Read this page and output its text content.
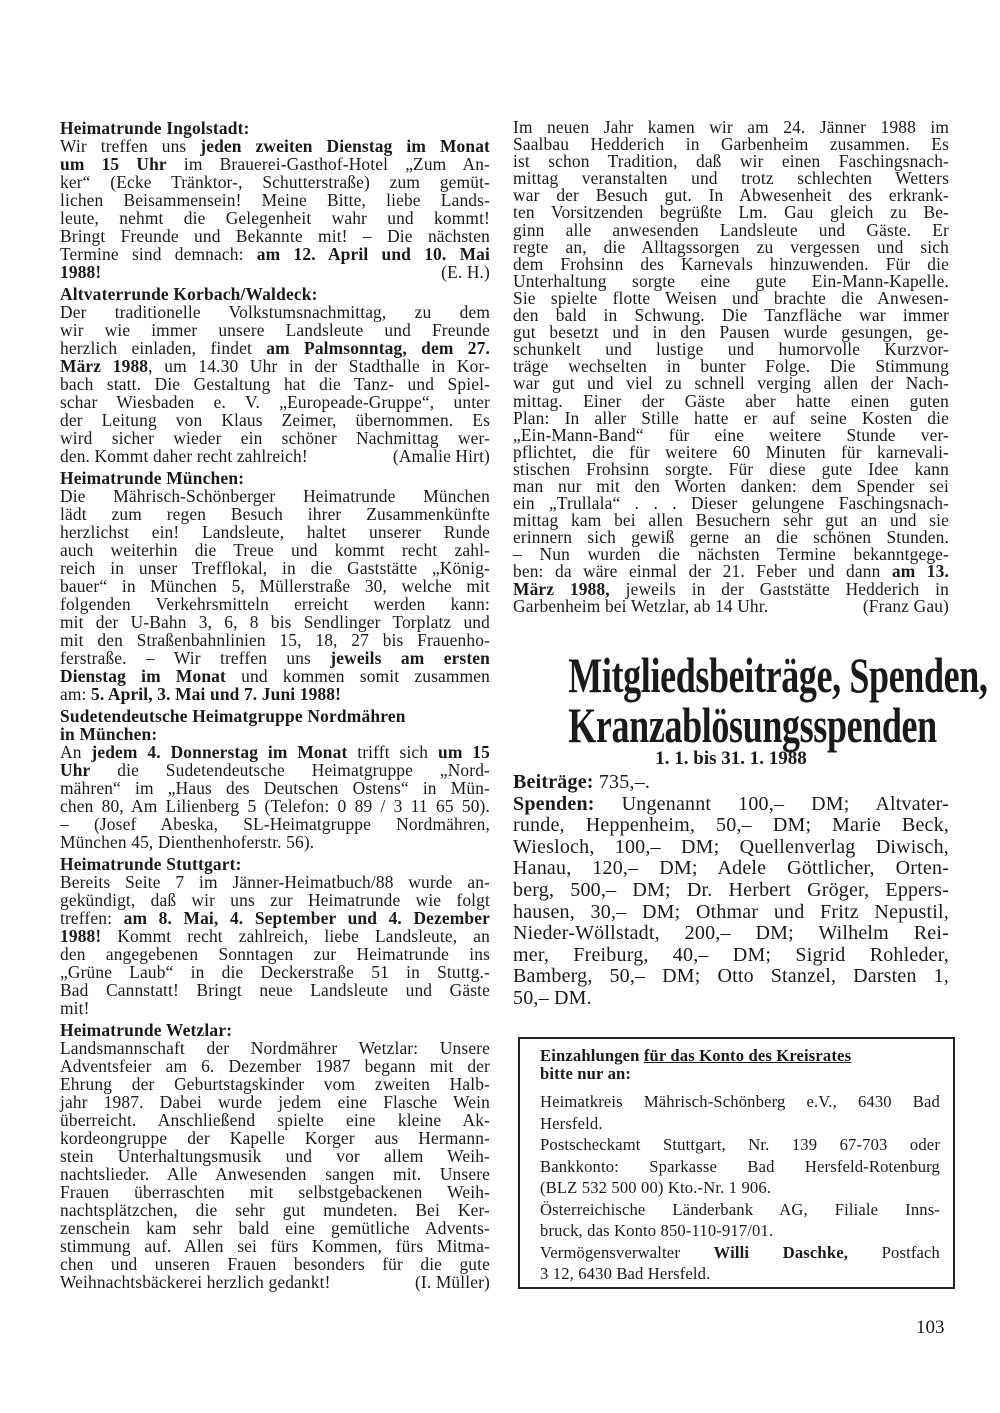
Heimatrunde Ingolstadt:
Wir treffen uns jeden zweiten Dienstag im Monat
um 15 Uhr im Brauerei-Gasthof-Hotel „Zum An-
ker“ (Ecke Tränktor-, Schutterstraße) zum gemüt-
lichen Beisammensein! Meine Bitte, liebe Lands-
leute, nehmt die Gelegenheit wahr und kommt!
Bringt Freunde und Bekannte mit! – Die nächsten
Termine sind demnach: am 12. April und 10. Mai
1988!	(E. H.)
Altvaterrunde Korbach/Waldeck:
Der traditionelle Volkstumsnachmittag, zu dem
wir wie immer unsere Landsleute und Freunde
herzlich einladen, findet am Palmsonntag, dem 27.
März 1988, um 14.30 Uhr in der Stadthalle in Kor-
bach statt. Die Gestaltung hat die Tanz- und Spiel-
schar Wiesbaden e. V. „Europeade-Gruppe“, unter
der Leitung von Klaus Zeimer, übernommen. Es
wird sicher wieder ein schöner Nachmittag wer-
den. Kommt daher recht zahlreich!	(Amalie Hirt)
Heimatrunde München:
Die Mährisch-Schönberger Heimatrunde München
lädt zum regen Besuch ihrer Zusammenkünfte
herzlichst ein! Landsleute, haltet unserer Runde
auch weiterhin die Treue und kommt recht zahl-
reich in unser Trefflokal, in die Gaststätte „König-
bauer“ in München 5, Müllerstraße 30, welche mit
folgenden Verkehrsmitteln erreicht werden kann:
mit der U-Bahn 3, 6, 8 bis Sendlinger Torplatz und
mit den Straßenbahnlinien 15, 18, 27 bis Frauenho-
ferstraße. – Wir treffen uns jeweils am ersten
Dienstag im Monat und kommen somit zusammen
am: 5. April, 3. Mai und 7. Juni 1988!
Sudetendeutsche Heimatgruppe Nordmähren
in München:
An jedem 4. Donnerstag im Monat trifft sich um 15
Uhr die Sudetendeutsche Heimatgruppe „Nord-
mähren“ im „Haus des Deutschen Ostens“ in Mün-
chen 80, Am Lilienberg 5 (Telefon: 0 89 / 3 11 65 50).
– (Josef Abeska, SL-Heimatgruppe Nordmähren,
München 45, Dienthenhoferstr. 56).
Heimatrunde Stuttgart:
Bereits Seite 7 im Jänner-Heimatbuch/88 wurde an-
gekündigt, daß wir uns zur Heimatrunde wie folgt
treffen: am 8. Mai, 4. September und 4. Dezember
1988! Kommt recht zahlreich, liebe Landsleute, an
den angegebenen Sonntagen zur Heimatrunde ins
„Grüne Laub“ in die Deckerstraße 51 in Stuttg.-
Bad Cannstatt! Bringt neue Landsleute und Gäste
mit!
Heimatrunde Wetzlar:
Landsmannschaft der Nordmährer Wetzlar: Unsere
Adventsfeier am 6. Dezember 1987 begann mit der
Ehrung der Geburtstagskinder vom zweiten Halb-
jahr 1987. Dabei wurde jedem eine Flasche Wein
überreicht. Anschließend spielte eine kleine Ak-
kordeongruppe der Kapelle Korger aus Hermann-
stein Unterhaltungsmusik und vor allem Weih-
nachtslieder. Alle Anwesenden sangen mit. Unsere
Frauen überraschten mit selbstgebackenen Weih-
nachtsplätzchen, die sehr gut mundeten. Bei Ker-
zenschein kam sehr bald eine gemütliche Advents-
stimmung auf. Allen sei fürs Kommen, fürs Mitma-
chen und unseren Frauen besonders für die gute
Weihnachtsbäckerei herzlich gedankt!	(I. Müller)
Im neuen Jahr kamen wir am 24. Jänner 1988 im
Saalbau Hedderich in Garbenheim zusammen. Es
ist schon Tradition, daß wir einen Faschingsnach-
mittag veranstalten und trotz schlechten Wetters
war der Besuch gut. In Abwesenheit des erkrank-
ten Vorsitzenden begrüßte Lm. Gau gleich zu Be-
ginn alle anwesenden Landsleute und Gäste. Er
regte an, die Alltagssorgen zu vergessen und sich
dem Frohsinn des Karnevals hinzuwenden. Für die
Unterhaltung sorgte eine gute Ein-Mann-Kapelle.
Sie spielte flotte Weisen und brachte die Anwesen-
den bald in Schwung. Die Tanzfläche war immer
gut besetzt und in den Pausen wurde gesungen, ge-
schunkelt und lustige und humorvolle Kurzvor-
träge wechselten in bunter Folge. Die Stimmung
war gut und viel zu schnell verging allen der Nach-
mittag. Einer der Gäste aber hatte einen guten
Plan: In aller Stille hatte er auf seine Kosten die
„Ein-Mann-Band“ für eine weitere Stunde ver-
pflichtet, die für weitere 60 Minuten für karnevali-
stischen Frohsinn sorgte. Für diese gute Idee kann
man nur mit den Worten danken: dem Spender sei
ein „Trullala“ . . . Dieser gelungene Faschingsnach-
mittag kam bei allen Besuchern sehr gut an und sie
erinnern sich gewiß gerne an die schönen Stunden.
– Nun wurden die nächsten Termine bekanntgege-
ben: da wäre einmal der 21. Feber und dann am 13.
März 1988, jeweils in der Gaststätte Hedderich in
Garbenheim bei Wetzlar, ab 14 Uhr.	(Franz Gau)
Mitgliedsbeiträge, Spenden,
Kranzablösungsspenden
1. 1. bis 31. 1. 1988
Beiträge: 735,–.
Spenden: Ungenannt 100,– DM; Altvater-
runde, Heppenheim, 50,– DM; Marie Beck,
Wiesloch, 100,– DM; Quellenverlag Diwisch,
Hanau, 120,– DM; Adele Göttlicher, Orten-
berg, 500,– DM; Dr. Herbert Gröger, Eppers-
hausen, 30,– DM; Othmar und Fritz Nepustil,
Nieder-Wöllstadt, 200,– DM; Wilhelm Rei-
mer, Freiburg, 40,– DM; Sigrid Rohleder,
Bamberg, 50,– DM; Otto Stanzel, Darsten 1,
50,– DM.
Einzahlungen für das Konto des Kreisrates
bitte nur an:
Heimatkreis Mährisch-Schönberg e.V., 6430 Bad
Hersfeld.
Postscheckamt Stuttgart, Nr. 139 67-703 oder
Bankkonto: Sparkasse Bad Hersfeld-Rotenburg
(BLZ 532 500 00) Kto.-Nr. 1 906.
Österreichische Länderbank AG, Filiale Inns-
bruck, das Konto 850-110-917/01.
Vermögensverwalter Willi Daschke, Postfach
3 12, 6430 Bad Hersfeld.
103
